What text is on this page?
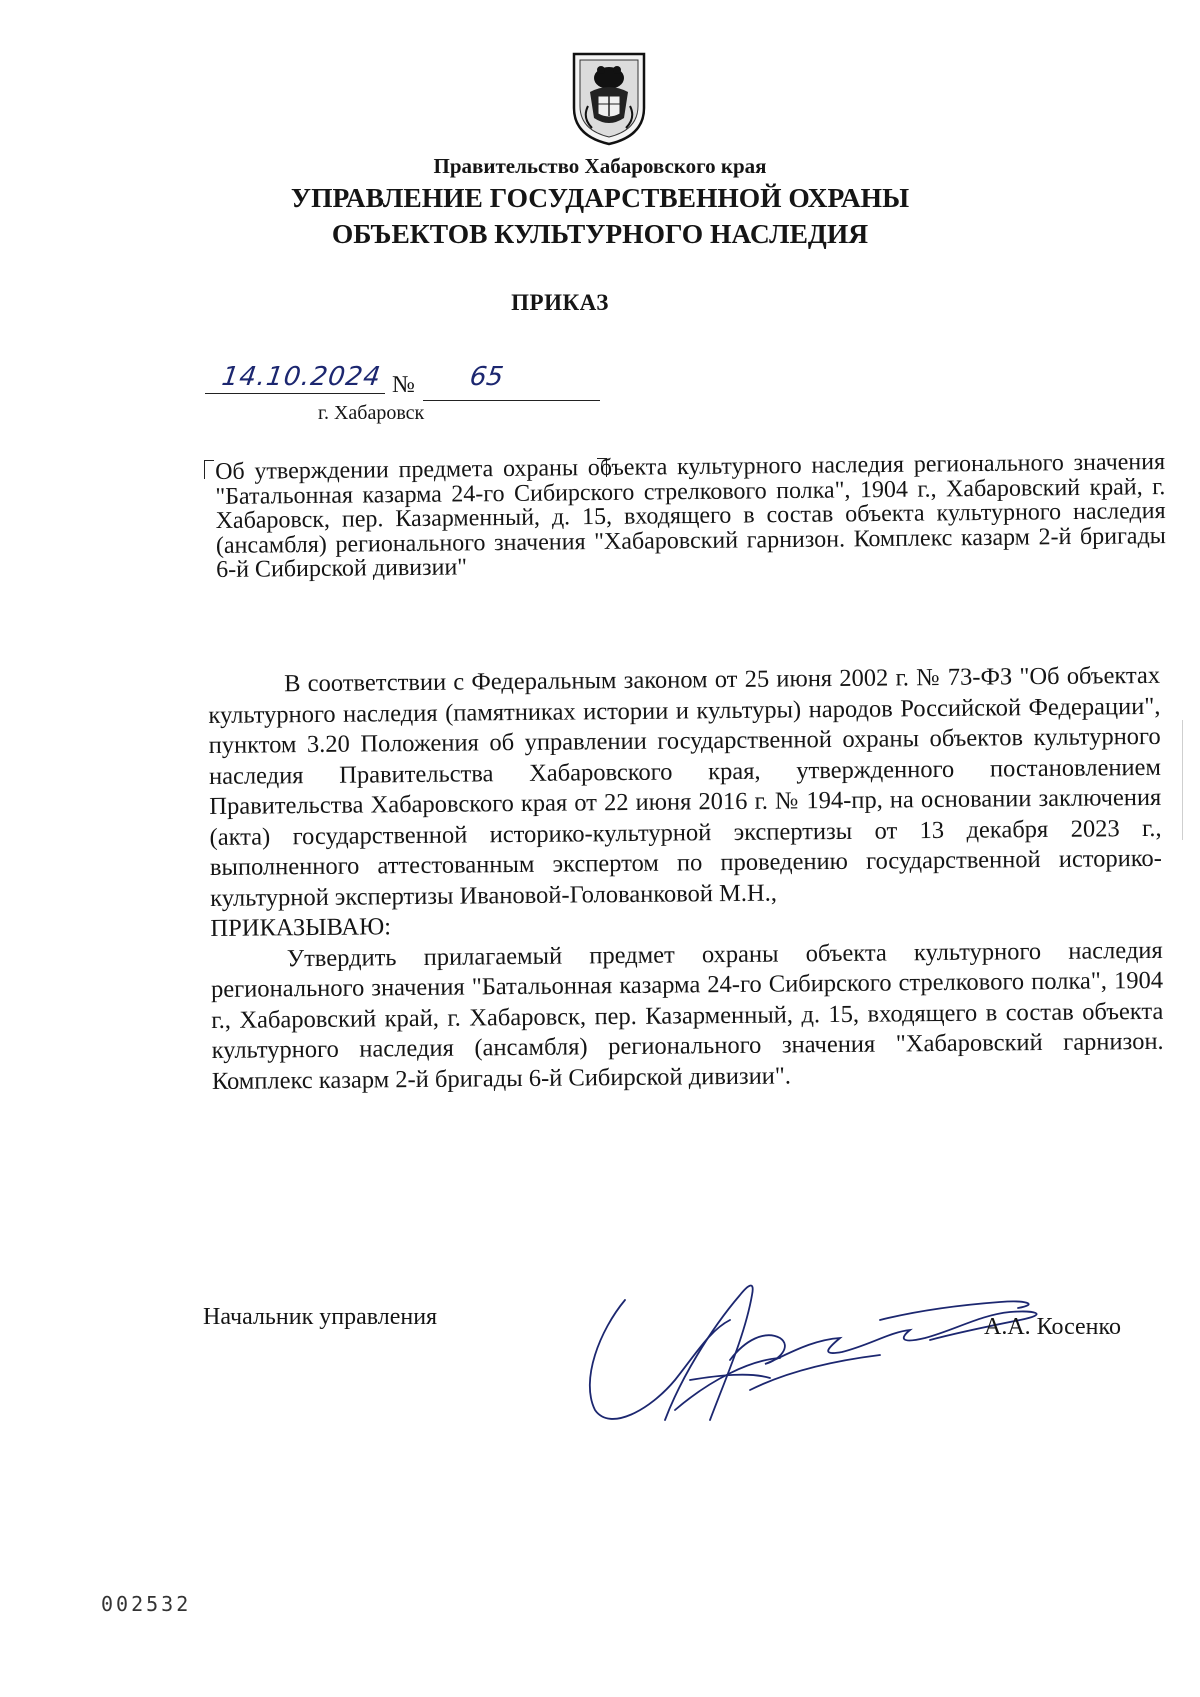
Правительство Хабаровского края
УПРАВЛЕНИЕ ГОСУДАРСТВЕННОЙ ОХРАНЫ
ОБЪЕКТОВ КУЛЬТУРНОГО НАСЛЕДИЯ
ПРИКАЗ
14.10.2024 № 65
г. Хабаровск
Об утверждении предмета охраны объекта культурного наследия регионального значения "Батальонная казарма 24-го Сибирского стрелкового полка", 1904 г., Хабаровский край, г. Хабаровск, пер. Казарменный, д. 15, входящего в состав объекта культурного наследия (ансамбля) регионального значения "Хабаровский гарнизон. Комплекс казарм 2-й бригады 6-й Сибирской дивизии"

В соответствии с Федеральным законом от 25 июня 2002 г. № 73-ФЗ "Об объектах культурного наследия (памятниках истории и культуры) народов Российской Федерации", пунктом 3.20 Положения об управлении государственной охраны объектов культурного наследия Правительства Хабаровского края, утвержденного постановлением Правительства Хабаровского края от 22 июня 2016 г. № 194-пр, на основании заключения (акта) государственной историко-культурной экспертизы от 13 декабря 2023 г., выполненного аттестованным экспертом по проведению государственной историко-культурной экспертизы Ивановой-Голованковой М.Н.,

ПРИКАЗЫВАЮ:

Утвердить прилагаемый предмет охраны объекта культурного наследия регионального значения "Батальонная казарма 24-го Сибирского стрелкового полка", 1904 г., Хабаровский край, г. Хабаровск, пер. Казарменный, д. 15, входящего в состав объекта культурного наследия (ансамбля) регионального значения "Хабаровский гарнизон. Комплекс казарм 2-й бригады 6-й Сибирской дивизии".

Начальник управления	А.А. Косенко
002532
